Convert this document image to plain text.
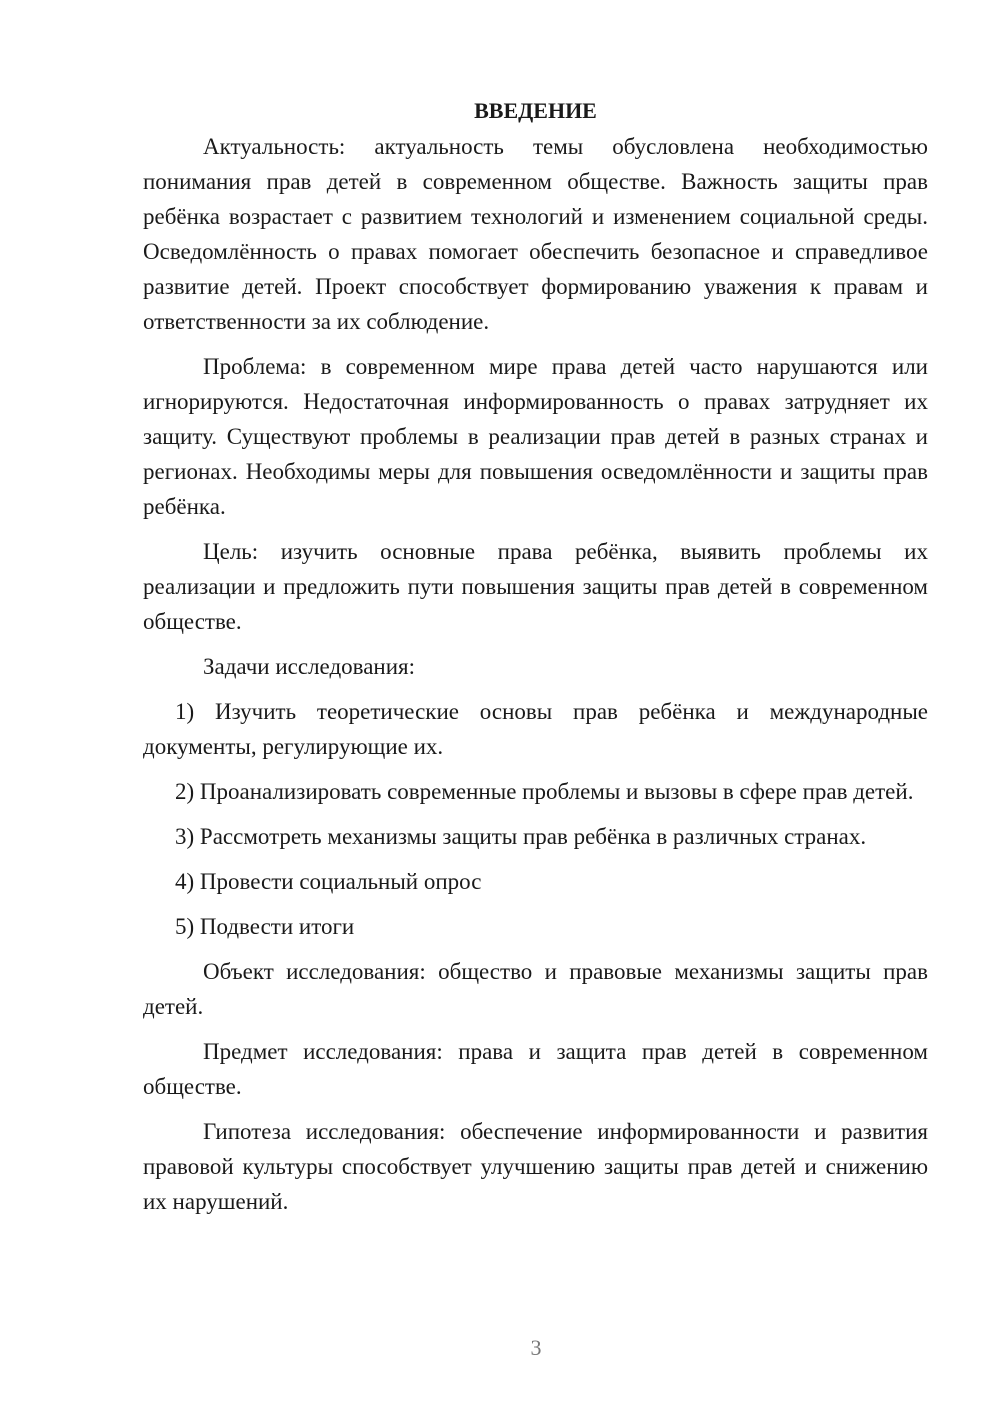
ВВЕДЕНИЕ

Актуальность: актуальность темы обусловлена необходимостью понимания прав детей в современном обществе. Важность защиты прав ребёнка возрастает с развитием технологий и изменением социальной среды. Осведомлённость о правах помогает обеспечить безопасное и справедливое развитие детей. Проект способствует формированию уважения к правам и ответственности за их соблюдение.

Проблема: в современном мире права детей часто нарушаются или игнорируются. Недостаточная информированность о правах затрудняет их защиту. Существуют проблемы в реализации прав детей в разных странах и регионах. Необходимы меры для повышения осведомлённости и защиты прав ребёнка.

Цель: изучить основные права ребёнка, выявить проблемы их реализации и предложить пути повышения защиты прав детей в современном обществе.

Задачи исследования:

1) Изучить теоретические основы прав ребёнка и международные документы, регулирующие их.

2) Проанализировать современные проблемы и вызовы в сфере прав детей.

3) Рассмотреть механизмы защиты прав ребёнка в различных странах.

4) Провести социальный опрос

5) Подвести итоги

Объект исследования: общество и правовые механизмы защиты прав детей.

Предмет исследования: права и защита прав детей в современном обществе.

Гипотеза исследования: обеспечение информированности и развития правовой культуры способствует улучшению защиты прав детей и снижению их нарушений.

3
